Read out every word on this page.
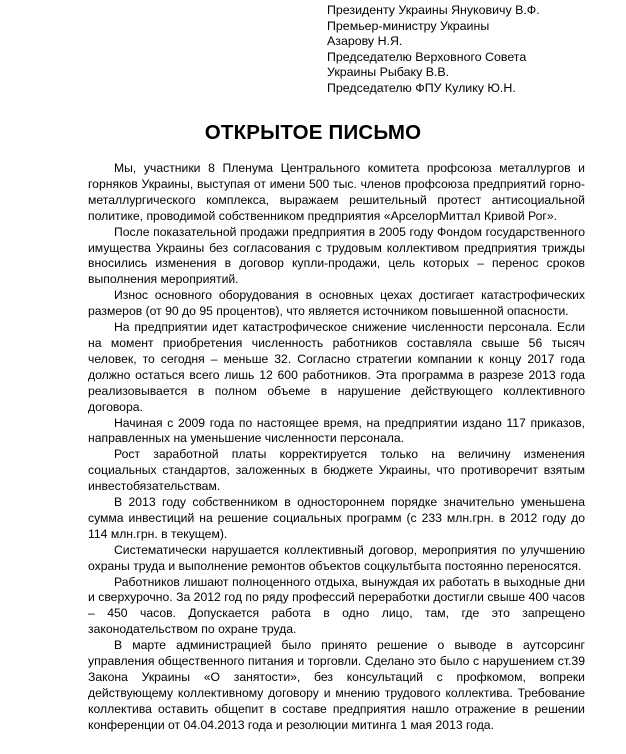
Президенту Украины Януковичу В.Ф.
Премьер-министру Украины
Азарову Н.Я.
Председателю Верховного Совета
Украины Рыбаку В.В.
Председателю ФПУ Кулику Ю.Н.
ОТКРЫТОЕ ПИСЬМО

Мы, участники 8 Пленума Центрального комитета профсоюза металлургов и горняков Украины, выступая от имени 500 тыс. членов профсоюза предприятий горно-металлургического комплекса, выражаем решительный протест антисоциальной политике, проводимой собственником предприятия «АрселорМиттал Кривой Рог».

После показательной продажи предприятия в 2005 году Фондом государственного имущества Украины без согласования с трудовым коллективом предприятия трижды вносились изменения в договор купли-продажи, цель которых – перенос сроков выполнения мероприятий.

Износ основного оборудования в основных цехах достигает катастрофических размеров (от 90 до 95 процентов), что является источником повышенной опасности.

На предприятии идет катастрофическое снижение численности персонала. Если на момент приобретения численность работников составляла свыше 56 тысяч человек, то сегодня – меньше 32. Согласно стратегии компании к концу 2017 года должно остаться всего лишь 12 600 работников. Эта программа в разрезе 2013 года реализовывается в полном объеме в нарушение действующего коллективного договора.

Начиная с 2009 года по настоящее время, на предприятии издано 117 приказов, направленных на уменьшение численности персонала.

Рост заработной платы корректируется только на величину изменения социальных стандартов, заложенных в бюджете Украины, что противоречит взятым инвестобязательствам.

В 2013 году собственником в одностороннем порядке значительно уменьшена сумма инвестиций на решение социальных программ (с 233 млн.грн. в 2012 году до 114 млн.грн. в текущем).

Систематически нарушается коллективный договор, мероприятия по улучшению охраны труда и выполнение ремонтов объектов соцкультбыта постоянно переносятся.

Работников лишают полноценного отдыха, вынуждая их работать в выходные дни и сверхурочно. За 2012 год по ряду профессий переработки достигли свыше 400 часов – 450 часов. Допускается работа в одно лицо, там, где это запрещено законодательством по охране труда.

В марте администрацией было принято решение о выводе в аутсорсинг управления общественного питания и торговли. Сделано это было с нарушением ст.39 Закона Украины «О занятости», без консультаций с профкомом, вопреки действующему коллективному договору и мнению трудового коллектива. Требование коллектива оставить общепит в составе предприятия нашло отражение в решении конференции от 04.04.2013 года и резолюции митинга 1 мая 2013 года.
